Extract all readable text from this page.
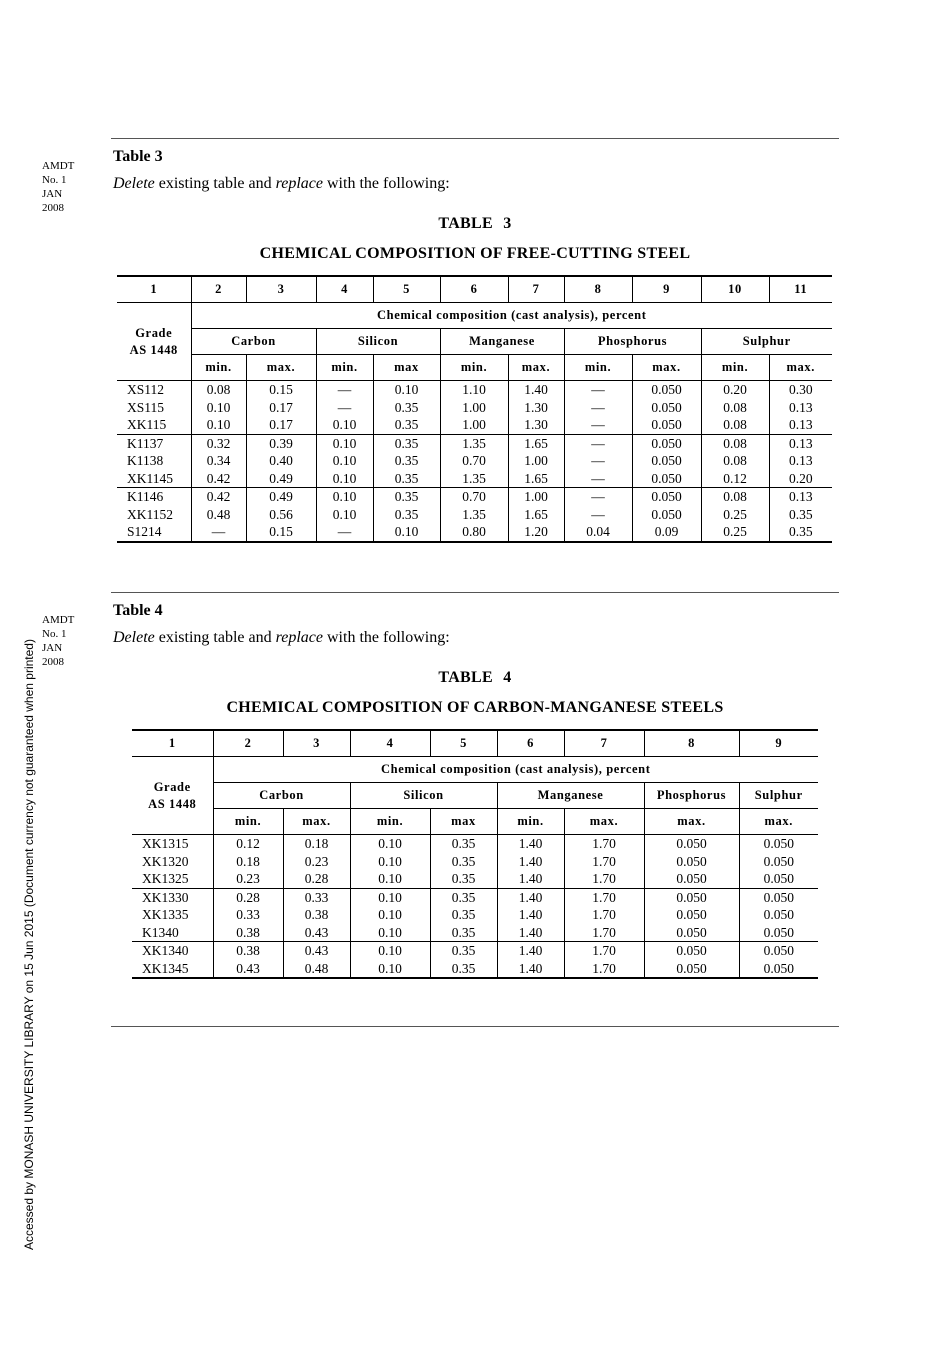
AMDT
No. 1
JAN
2008
Table 3
Delete existing table and replace with the following:
TABLE 3
CHEMICAL COMPOSITION OF FREE-CUTTING STEEL
1	2	3	4	5	6	7	8	9	10	11

Grade
AS 1448	Chemical composition (cast analysis), percent									
	Carbon		Silicon		Manganese		Phosphorus		Sulphur	
	min.	max.	min.	max	min.	max.	min.	max.	min.	max.
XS112	0.08	0.15	—	0.10	1.10	1.40	—	0.050	0.20	0.30
XS115	0.10	0.17	—	0.35	1.00	1.30	—	0.050	0.08	0.13
XK115	0.10	0.17	0.10	0.35	1.00	1.30	—	0.050	0.08	0.13
K1137	0.32	0.39	0.10	0.35	1.35	1.65	—	0.050	0.08	0.13
K1138	0.34	0.40	0.10	0.35	0.70	1.00	—	0.050	0.08	0.13
XK1145	0.42	0.49	0.10	0.35	1.35	1.65	—	0.050	0.12	0.20
K1146	0.42	0.49	0.10	0.35	0.70	1.00	—	0.050	0.08	0.13
XK1152	0.48	0.56	0.10	0.35	1.35	1.65	—	0.050	0.25	0.35
S1214	—	0.15	—	0.10	0.80	1.20	0.04	0.09	0.25	0.35
AMDT
No. 1
JAN
2008
Table 4
Delete existing table and replace with the following:
TABLE 4
CHEMICAL COMPOSITION OF CARBON-MANGANESE STEELS
1	2	3	4	5	6	7	8	9

Grade
AS 1448	Chemical composition (cast analysis), percent							
	Carbon		Silicon		Manganese		Phosphorus	Sulphur
	min.	max.	min.	max	min.	max.	max.	max.
XK1315	0.12	0.18	0.10	0.35	1.40	1.70	0.050	0.050
XK1320	0.18	0.23	0.10	0.35	1.40	1.70	0.050	0.050
XK1325	0.23	0.28	0.10	0.35	1.40	1.70	0.050	0.050
XK1330	0.28	0.33	0.10	0.35	1.40	1.70	0.050	0.050
XK1335	0.33	0.38	0.10	0.35	1.40	1.70	0.050	0.050
K1340	0.38	0.43	0.10	0.35	1.40	1.70	0.050	0.050
XK1340	0.38	0.43	0.10	0.35	1.40	1.70	0.050	0.050
XK1345	0.43	0.48	0.10	0.35	1.40	1.70	0.050	0.050
Accessed by MONASH UNIVERSITY LIBRARY on 15 Jun 2015 (Document currency not guaranteed when printed)
